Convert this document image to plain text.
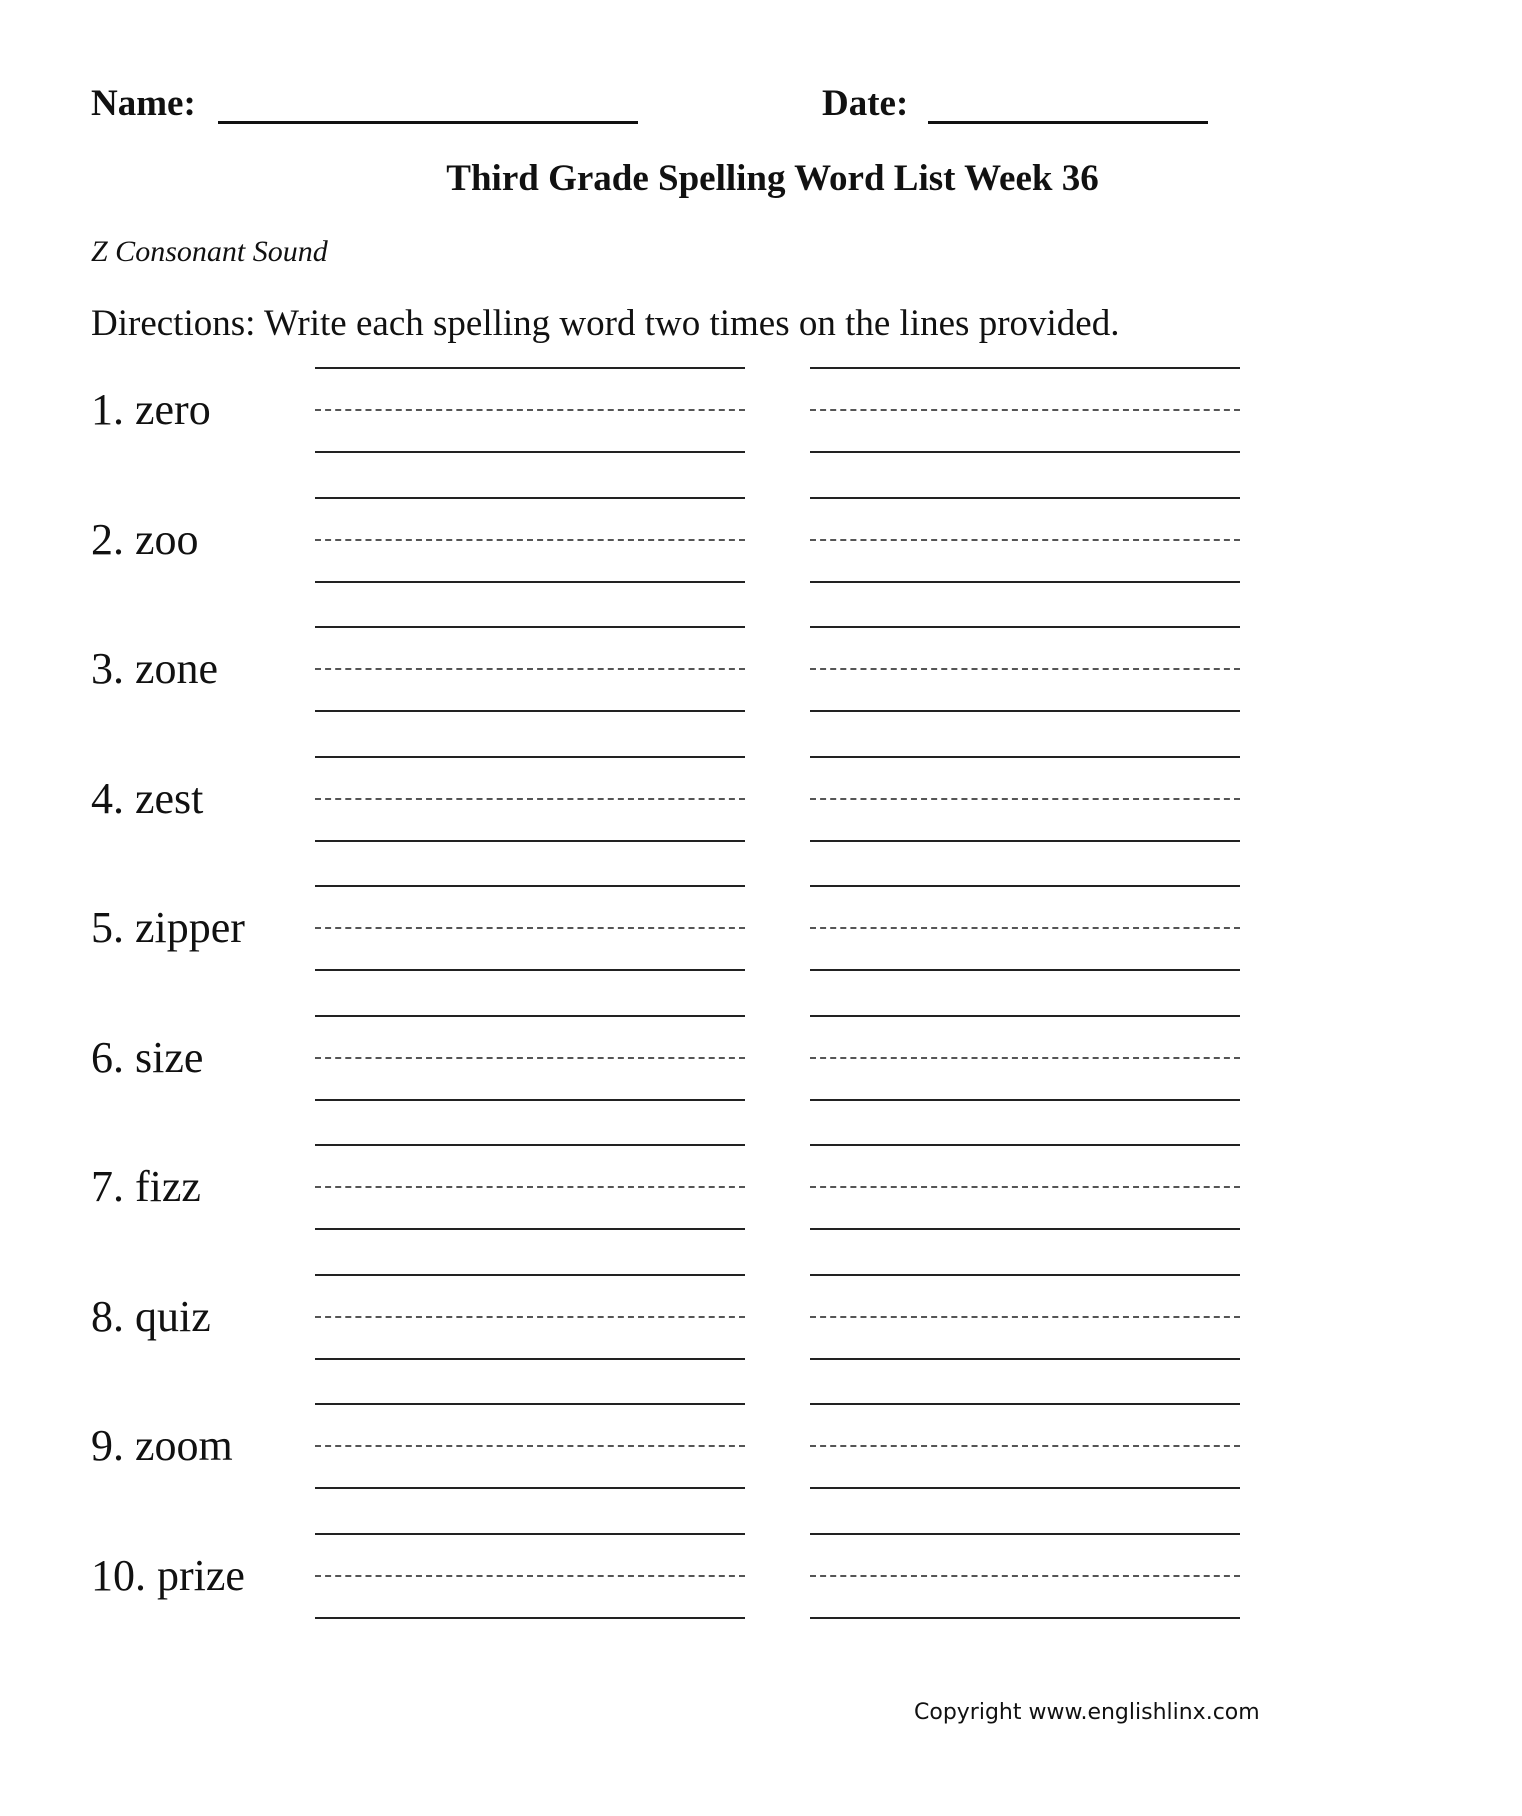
Name:	Date:
Third Grade Spelling Word List Week 36
Z Consonant Sound
Directions: Write each spelling word two times on the lines provided.
1. zero
2. zoo
3. zone
4. zest
5. zipper
6. size
7. fizz
8. quiz
9. zoom
10. prize
Copyright www.englishlinx.com
